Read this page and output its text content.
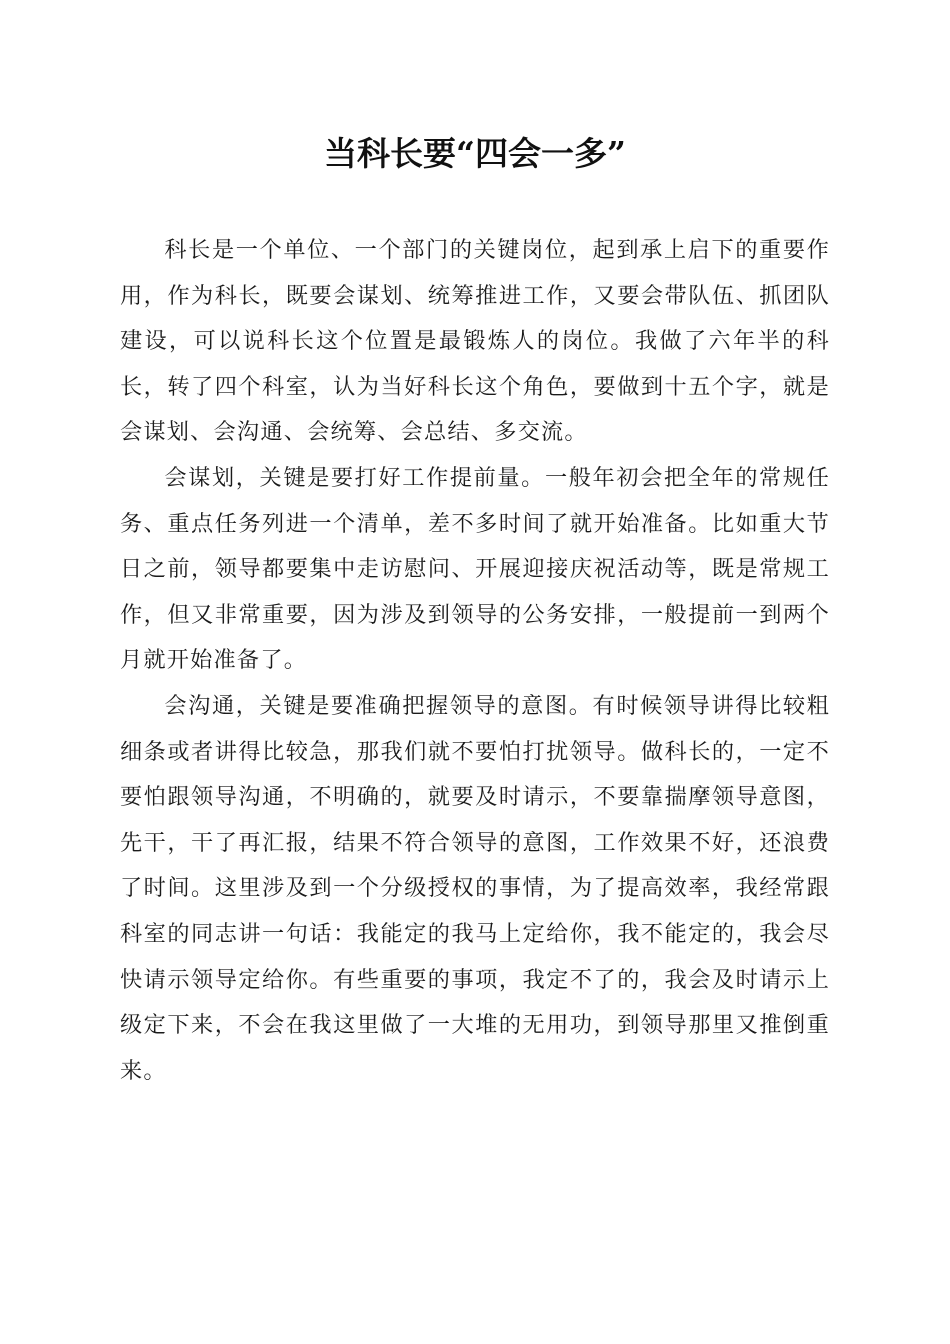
当科长要“四会一多”

科长是一个单位、一个部门的关键岗位，起到承上启下的重要作用，作为科长，既要会谋划、统筹推进工作，又要会带队伍、抓团队建设，可以说科长这个位置是最锻炼人的岗位。我做了六年半的科长，转了四个科室，认为当好科长这个角色，要做到十五个字，就是会谋划、会沟通、会统筹、会总结、多交流。

会谋划，关键是要打好工作提前量。一般年初会把全年的常规任务、重点任务列进一个清单，差不多时间了就开始准备。比如重大节日之前，领导都要集中走访慰问、开展迎接庆祝活动等，既是常规工作，但又非常重要，因为涉及到领导的公务安排，一般提前一到两个月就开始准备了。

会沟通，关键是要准确把握领导的意图。有时候领导讲得比较粗细条或者讲得比较急，那我们就不要怕打扰领导。做科长的，一定不要怕跟领导沟通，不明确的，就要及时请示，不要靠揣摩领导意图，先干，干了再汇报，结果不符合领导的意图，工作效果不好，还浪费了时间。这里涉及到一个分级授权的事情，为了提高效率，我经常跟科室的同志讲一句话：我能定的我马上定给你，我不能定的，我会尽快请示领导定给你。有些重要的事项，我定不了的，我会及时请示上级定下来，不会在我这里做了一大堆的无用功，到领导那里又推倒重来。
